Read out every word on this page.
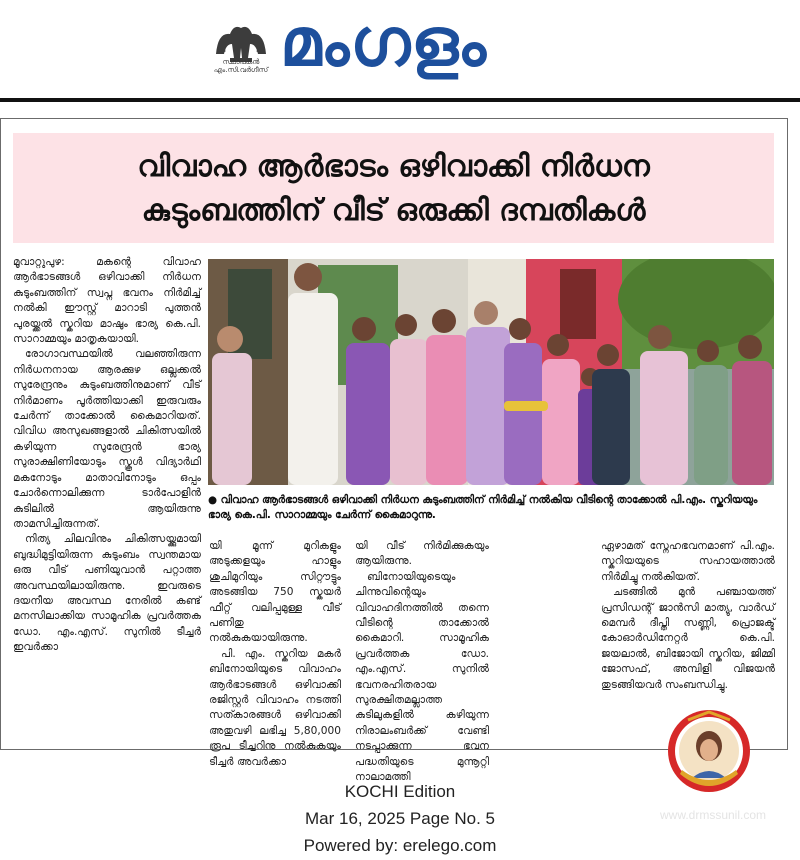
സ്ഥാപകൻ എം.സി.വർഗീസ് മംഗളം
വിവാഹ ആർഭാടം ഒഴിവാക്കി നിർധന
കുടുംബത്തിന് വീട് ഒരുക്കി ദമ്പതികൾ

മൂവാറ്റുപുഴ: മകന്റെ വിവാഹ ആർഭാടങ്ങൾ ഒഴിവാക്കി നിർധന കുടുംബത്തിന് സ്വപ്ന ഭവനം നിർമിച്ച് നൽകി ഈസ്റ്റ് മാറാടി പുത്തൻ പുരയ്ക്കൽ സ്കറിയ മാഷും ഭാര്യ കെ.പി. സാറാമ്മയും മാതൃകയായി.

രോഗാവസ്ഥയിൽ വലഞ്ഞിരുന്ന നിർധനനായ ആരക്കുഴ ഒല്ലക്കൽ സുരേന്ദ്രനും കുടുംബത്തിനുമാണ് വീട് നിർമാണം പൂർത്തിയാക്കി ഇരുവരും ചേർന്ന് താക്കോൽ കൈമാറിയത്. വിവിധ അസുഖങ്ങളാൽ ചികിത്സയിൽ കഴിയുന്ന സുരേന്ദ്രൻ ഭാര്യ സുരാക്ഷിണിയോടും സ്കൂൾ വിദ്യാർഥി മകനോടും മാതാവിനോടും ഒപ്പം ചോർന്നൊലിക്കുന്ന ടാർപോളിൻ കുടിലിൽ ആയിരുന്നു താമസിച്ചിരുന്നത്.

നിത്യ ചിലവിനും ചികിത്സയ്ക്കുമായി ബുദ്ധിമുട്ടിയിരുന്ന കുടുംബം സ്വന്തമായ ഒരു വീട് പണിയുവാൻ പറ്റാത്ത അവസ്ഥയിലായിരുന്നു. ഇവരുടെ ദയനീയ അവസ്ഥ നേരിൽ കണ്ട് മനസിലാക്കിയ സാമൂഹിക പ്രവർത്തക ഡോ. എം.എസ്. സുനിൽ ടീച്ചർ ഇവർക്കാ

● വിവാഹ ആർഭാടങ്ങൾ ഒഴിവാക്കി നിർധന കുടുംബത്തിന് നിർമിച്ച് നൽകിയ വീടിന്റെ താക്കോൽ പി.എം. സ്കറിയയും ഭാര്യ കെ.പി. സാറാമ്മയും ചേർന്ന് കൈമാറുന്നു.

യി മൂന്ന് മുറികളും അടുക്കളയും ഹാളും ശുചിമുറിയും സിറ്റൗട്ടും അടങ്ങിയ 750 സ്കയർ ഫീറ്റ് വലിപ്പമുള്ള വീട് പണിതു നൽകുകയായിരുന്നു.

പി. എം. സ്കറിയ മകർ ബിനോയിയുടെ വിവാഹം ആർഭാടങ്ങൾ ഒഴിവാക്കി രജിസ്റ്റർ വിവാഹം നടത്തി സത്കാരങ്ങൾ ഒഴിവാക്കി അതുവഴി ലഭിച്ച 5,80,000 രൂപ ടീച്ചറിനു നൽകുകയും ടീച്ചർ അവർക്കാ

യി വീട് നിർമിക്കുകയും ആയിരുന്നു.

ബിനോയിയുടെയും ചിന്നുവിന്റെയും വിവാഹദിനത്തിൽ തന്നെ വീടിന്റെ താക്കോൽ കൈമാറി. സാമൂഹിക പ്രവർത്തക ഡോ. എം.എസ്. സുനിൽ ഭവനരഹിതരായ സുരക്ഷിതമല്ലാത്ത കുടിലുകളിൽ കഴിയുന്ന നിരാലംബർക്ക് വേണ്ടി നടപ്പാക്കുന്ന ഭവന പദ്ധതിയുടെ മുന്നൂറ്റി നാലാമത്തി

ഏഴാമത് സ്നേഹഭവനമാണ് പി.എം. സ്കറിയയുടെ സഹായത്താൽ നിർമിച്ചു നൽകിയത്.

ചടങ്ങിൽ മുൻ പഞ്ചായത്ത് പ്രസിഡന്റ് ജാൻസി മാത്യു, വാർഡ് മെമ്പർ ദീപ്തി സണ്ണി, പ്രൊജക്ട് കോഓർഡിനേറ്റർ കെ.പി. ജയലാൽ, ബിജോയി സ്കറിയ, ജിമ്മി ജോസഫ്, അമ്പിളി വിജയൻ തുടങ്ങിയവർ സംബന്ധിച്ചു.

www.drmssunil.com
KOCHI Edition
Mar 16, 2025 Page No. 5
Powered by: erelego.com
